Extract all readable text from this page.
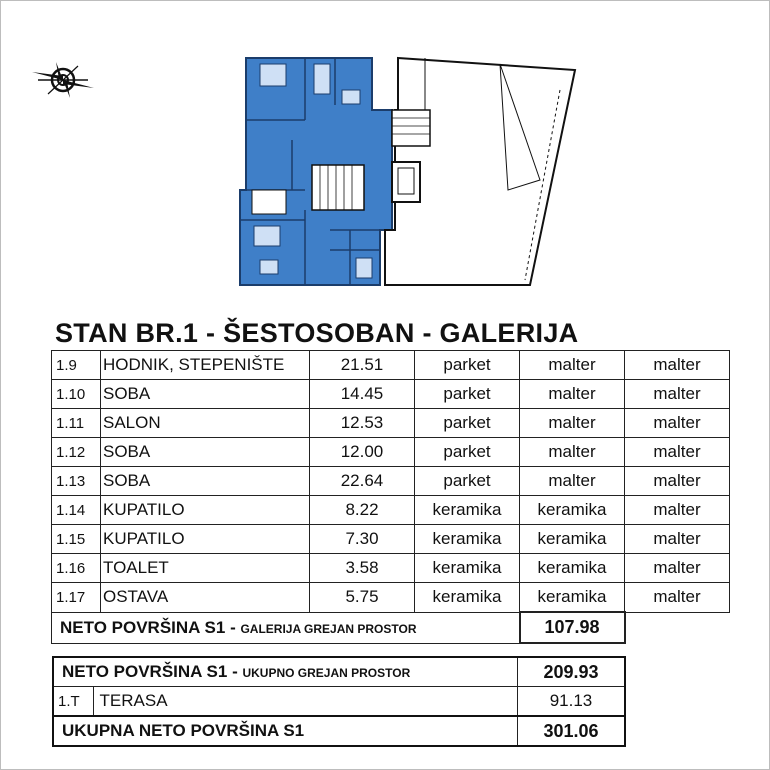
STAN BR.1 - ŠESTOSOBAN - GALERIJA
1.9	HODNIK, STEPENIŠTE	21.51	parket	malter	malter
1.10	SOBA	14.45	parket	malter	malter
1.11	SALON	12.53	parket	malter	malter
1.12	SOBA	12.00	parket	malter	malter
1.13	SOBA	22.64	parket	malter	malter
1.14	KUPATILO	8.22	keramika	keramika	malter
1.15	KUPATILO	7.30	keramika	keramika	malter
1.16	TOALET	3.58	keramika	keramika	malter
1.17	OSTAVA	5.75	keramika	keramika	malter
NETO POVRŠINA S1 - GALERIJA GREJAN PROSTOR				107.98	
NETO POVRŠINA S1 - UKUPNO GREJAN PROSTOR		209.93
1.T	TERASA	91.13
UKUPNA NETO POVRŠINA S1		301.06
